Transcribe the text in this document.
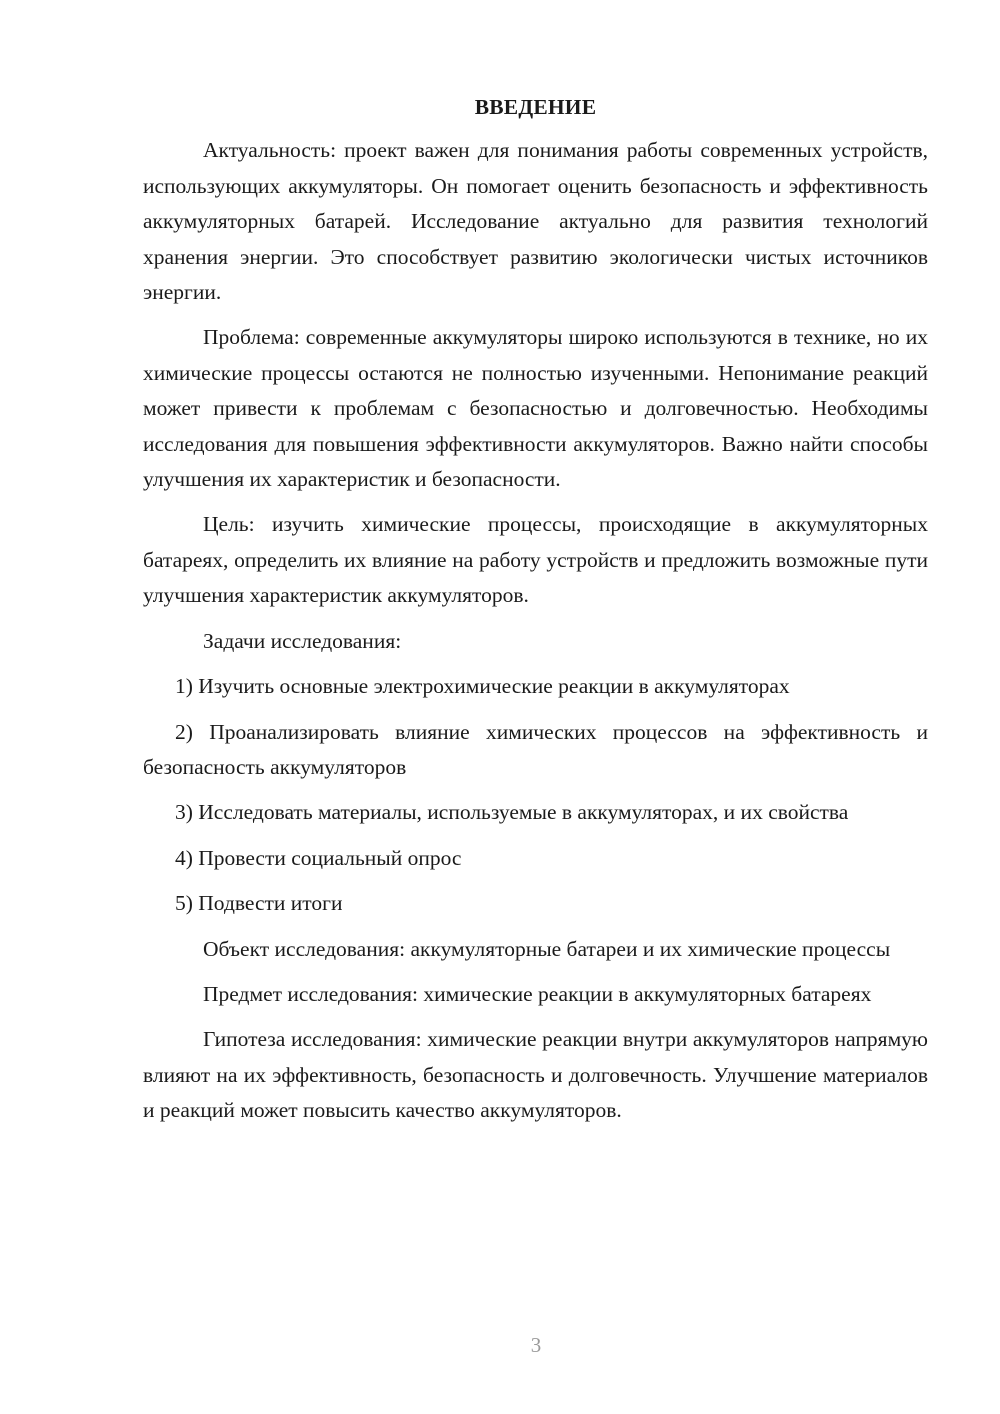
ВВЕДЕНИЕ

Актуальность: проект важен для понимания работы современных устройств, использующих аккумуляторы. Он помогает оценить безопасность и эффективность аккумуляторных батарей. Исследование актуально для развития технологий хранения энергии. Это способствует развитию экологически чистых источников энергии.

Проблема: современные аккумуляторы широко используются в технике, но их химические процессы остаются не полностью изученными. Непонимание реакций может привести к проблемам с безопасностью и долговечностью. Необходимы исследования для повышения эффективности аккумуляторов. Важно найти способы улучшения их характеристик и безопасности.

Цель: изучить химические процессы, происходящие в аккумуляторных батареях, определить их влияние на работу устройств и предложить возможные пути улучшения характеристик аккумуляторов.

Задачи исследования:

1) Изучить основные электрохимические реакции в аккумуляторах

2) Проанализировать влияние химических процессов на эффективность и безопасность аккумуляторов

3) Исследовать материалы, используемые в аккумуляторах, и их свойства

4) Провести социальный опрос

5) Подвести итоги

Объект исследования: аккумуляторные батареи и их химические процессы

Предмет исследования: химические реакции в аккумуляторных батареях

Гипотеза исследования: химические реакции внутри аккумуляторов напрямую влияют на их эффективность, безопасность и долговечность. Улучшение материалов и реакций может повысить качество аккумуляторов.

3
